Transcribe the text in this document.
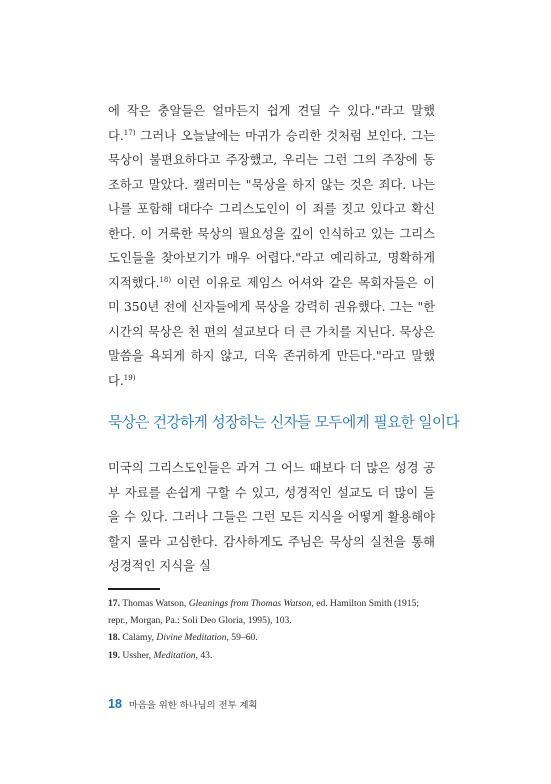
에 작은 충알들은 얼마든지 쉽게 견딜 수 있다."라고 말했다.$^{17)}$ 그러나 오늘날에는 마귀가 승리한 것처럼 보인다. 그는 묵상이 불편요하다고 주장했고, 우리는 그런 그의 주장에 동조하고 말았다. 캘러미는 "묵상을 하지 않는 것은 죄다. 나는 나를 포함해 대다수 그리스도인이 이 죄를 짓고 있다고 확신한다. 이 거룩한 묵상의 필요성을 깊이 인식하고 있는 그리스도인들을 찾아보기가 매우 어렵다."라고 예리하고, 명확하게 지적했다.$^{18)}$ 이런 이유로 제임스 어셔와 같은 목회자들은 이미 350년 전에 신자들에게 묵상을 강력히 권유했다. 그는 "한 시간의 묵상은 천 편의 설교보다 더 큰 가치를 지닌다. 묵상은 말씀을 욕되게 하지 않고, 더욱 존귀하게 만든다."라고 말했다.$^{19)}$

묵상은 건강하게 성장하는 신자들 모두에게 필요한 일이다

미국의 그리스도인들은 과거 그 어느 때보다 더 많은 성경 공부 자료를 손쉽게 구할 수 있고, 성경적인 설교도 더 많이 들을 수 있다. 그러나 그들은 그런 모든 지식을 어떻게 활용해야 할지 몰라 고심한다. 감사하게도 주님은 묵상의 실천을 통해 성경적인 지식을 실

17. Thomas Watson, Gleanings from Thomas Watson, ed. Hamilton Smith (1915; repr., Morgan, Pa.: Soli Deo Gloria, 1995), 103.
18. Calamy, Divine Meditation, 59–60.
19. Ussher, Meditation, 43.
18 마음을 위한 하나님의 전투 계획
